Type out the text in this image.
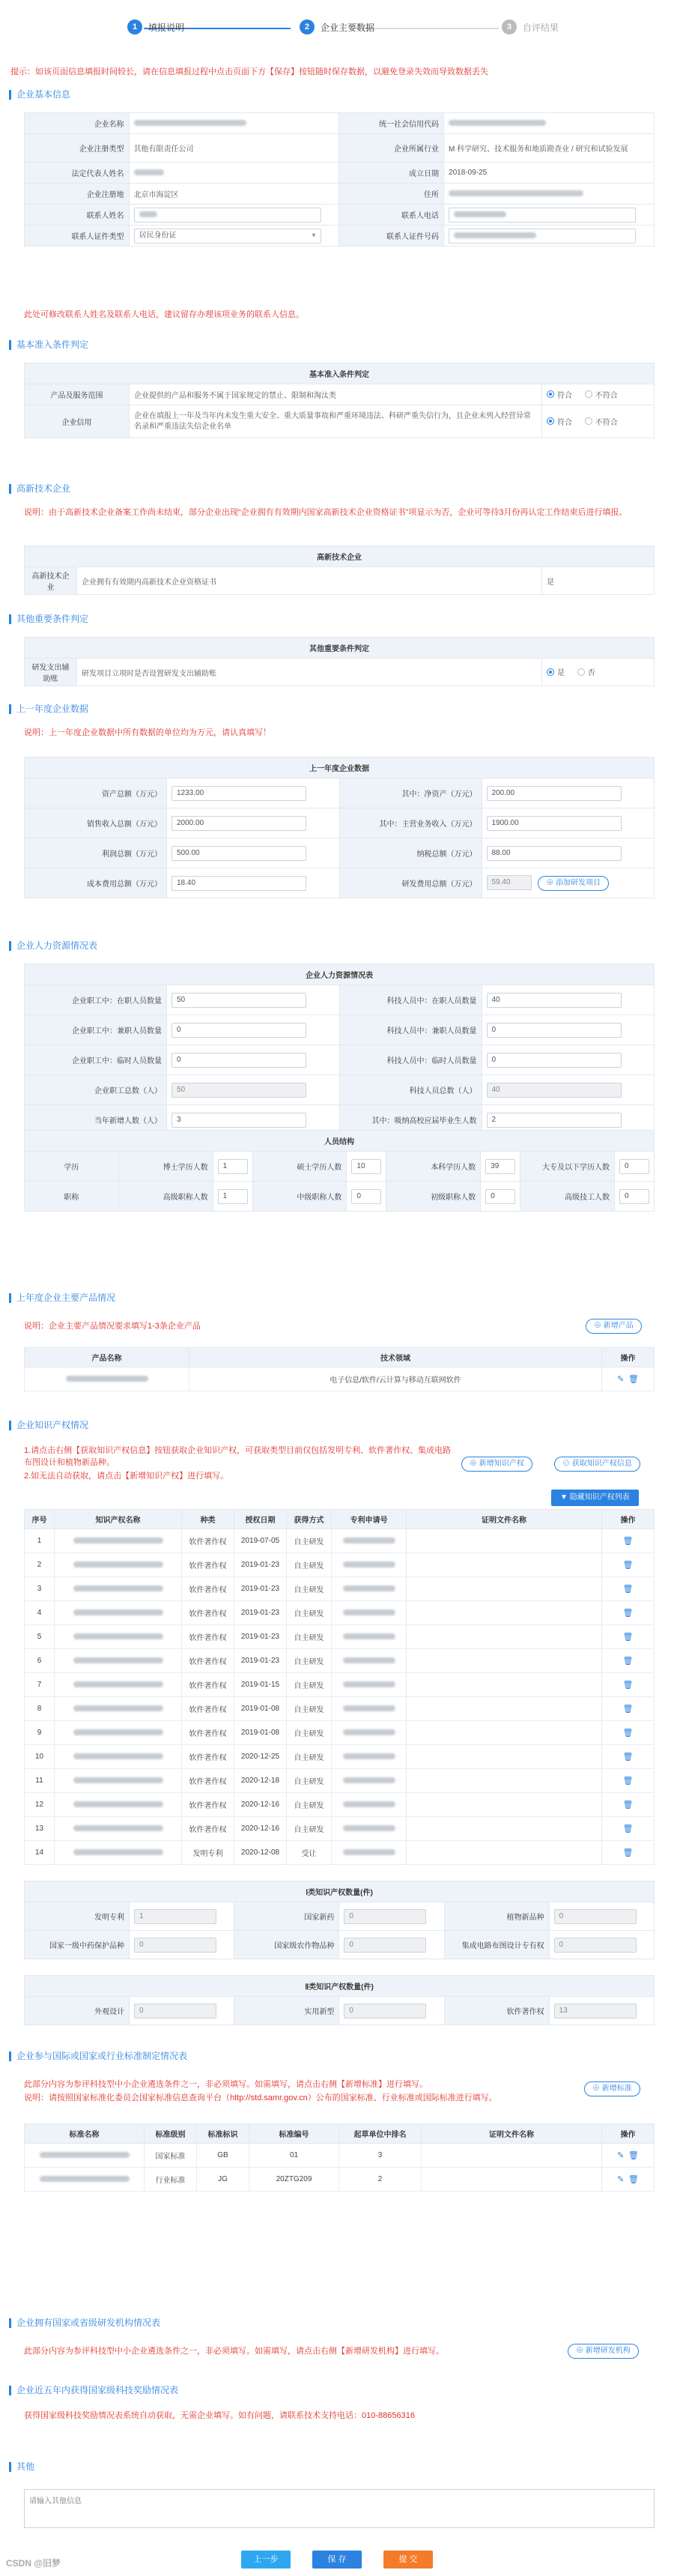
1	填报说明	2	企业主要数据	3	自评结果
提示：如该页面信息填报时间较长，请在信息填报过程中点击页面下方【保存】按钮随时保存数据，以避免登录失效而导致数据丢失
企业基本信息
企业名称		统一社会信用代码	
企业注册类型	其他有限责任公司	企业所属行业	M 科学研究、技术服务和地质勘查业 / 研究和试验发展
法定代表人姓名		成立日期	2018-09-25
企业注册地	北京市海淀区	住所	
联系人姓名		联系人电话	
联系人证件类型	居民身份证 ▾	联系人证件号码	
此处可修改联系人姓名及联系人电话，建议留存办理该项业务的联系人信息。
基本准入条件判定
基本准入条件判定		
产品及服务范围	企业提供的产品和服务不属于国家规定的禁止、限制和淘汰类	符合
不符合

企业信用	企业在填报上一年及当年内未发生重大安全、重大质量事故和严重环境违法、科研严重失信行为，且企业未列入经营异常名录和严重违法失信企业名单	符合
不符合
高新技术企业
说明：由于高新技术企业备案工作尚未结束，部分企业出现“企业拥有有效期内国家高新技术企业资格证书”项显示为否，企业可等待3月份再认定工作结束后进行填报。
高新技术企业
高新技术企业	企业拥有有效期内高新技术企业资格证书	是
其他重要条件判定
其他重要条件判定
研发支出辅助账	研发项目立项时是否设置研发支出辅助账	是
	否
上一年度企业数据
说明：上一年度企业数据中所有数据的单位均为万元，请认真填写！
上一年度企业数据			
资产总额（万元）	1233.00	其中：净资产（万元）	200.00
销售收入总额（万元）	2000.00	其中：主营业务收入（万元）	1900.00
利润总额（万元）	500.00	纳税总额（万元）	88.00
成本费用总额（万元）	18.40	研发费用总额（万元）	59.40 ⊕ 添加研发项目
企业人力资源情况表
企业人力资源情况表			
企业职工中：在职人员数量	50	科技人员中：在职人员数量	40
企业职工中：兼职人员数量	0	科技人员中：兼职人员数量	0
企业职工中：临时人员数量	0	科技人员中：临时人员数量	0
企业职工总数（人）	50	科技人员总数（人）	40
当年新增人数（人）	3	其中：吸纳高校应届毕业生人数	2
人员结构								
学历	博士学历人数	1	硕士学历人数	10	本科学历人数	39	大专及以下学历人数	0
职称	高级职称人数	1	中级职称人数	0	初级职称人数	0	高级技工人数	0
上年度企业主要产品情况
说明：企业主要产品情况要求填写1-3条企业产品	⊕ 新增产品
产品名称	技术领域	操作
	电子信息/软件/云计算与移动互联网软件	✎ 🗑
企业知识产权情况
1.请点击右侧【获取知识产权信息】按钮获取企业知识产权，可获取类型目前仅包括发明专利、软件著作权、集成电路布图设计和植物新品种。
2.如无法自动获取，请点击【新增知识产权】进行填写。
⊕ 新增知识产权	⊘ 获取知识产权信息
▼ 隐藏知识产权列表
序号	知识产权名称	种类	授权日期	获得方式	专利申请号	证明文件名称	操作
1		软件著作权	2019-07-05	自主研发			🗑
2		软件著作权	2019-01-23	自主研发			🗑
3		软件著作权	2019-01-23	自主研发			🗑
4		软件著作权	2019-01-23	自主研发			🗑
5		软件著作权	2019-01-23	自主研发			🗑
6		软件著作权	2019-01-23	自主研发			🗑
7		软件著作权	2019-01-15	自主研发			🗑
8		软件著作权	2019-01-08	自主研发			🗑
9		软件著作权	2019-01-08	自主研发			🗑
10		软件著作权	2020-12-25	自主研发			🗑
11		软件著作权	2020-12-18	自主研发			🗑
12		软件著作权	2020-12-16	自主研发			🗑
13		软件著作权	2020-12-16	自主研发			🗑
14		发明专利	2020-12-08	受让			🗑
Ⅰ类知识产权数量(件)					
发明专利	1	国家新药	0	植物新品种	0
国家一级中药保护品种	0	国家级农作物品种	0	集成电路布图设计专有权	0
Ⅱ类知识产权数量(件)
外观设计	0	实用新型	0	软件著作权	13
企业参与国际或国家或行业标准制定情况表
此部分内容为参评科技型中小企业遴选条件之一，非必须填写。如需填写，请点击右侧【新增标准】进行填写。
说明：请按照国家标准化委员会国家标准信息查询平台（http://std.samr.gov.cn）公布的国家标准、行业标准或国际标准进行填写。
⊕ 新增标准
标准名称	标准级别	标准标识	标准编号	起草单位中排名	证明文件名称	操作
	国家标准	GB	01	3		✎ 🗑
	行业标准	JG	20ZTG209	2		✎ 🗑
企业拥有国家或省级研发机构情况表
此部分内容为参评科技型中小企业遴选条件之一，非必须填写。如需填写，请点击右侧【新增研发机构】进行填写。	⊕ 新增研发机构
企业近五年内获得国家级科技奖励情况表
获得国家级科技奖励情况表系统自动获取，无需企业填写。如有问题，请联系技术支持电话：010-88656316
其他
请输入其他信息
上一步	保 存	提 交
CSDN @旧梦
